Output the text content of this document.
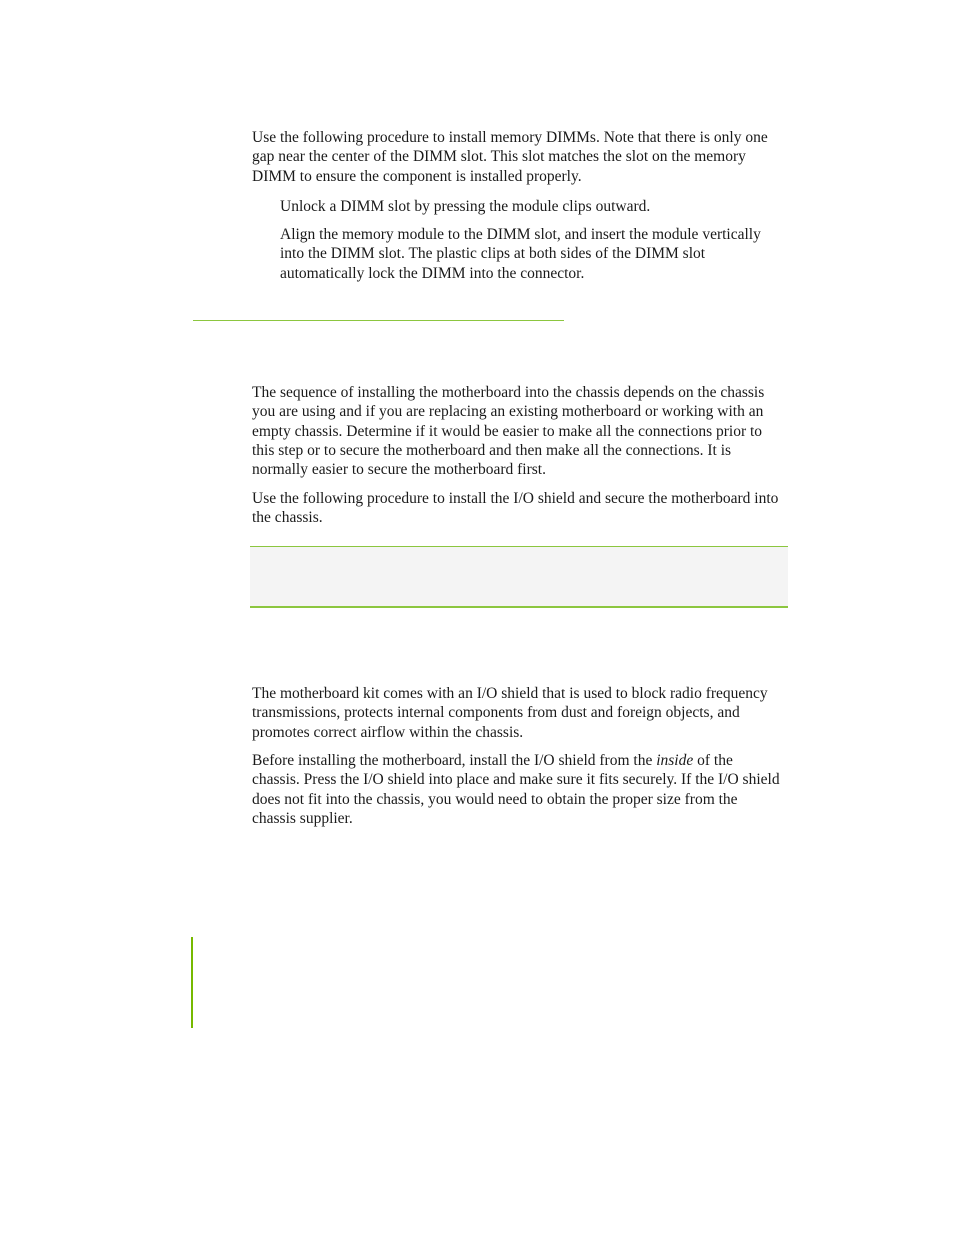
Use the following procedure to install memory DIMMs. Note that there is only one gap near the center of the DIMM slot. This slot matches the slot on the memory DIMM to ensure the component is installed properly.

Unlock a DIMM slot by pressing the module clips outward.

Align the memory module to the DIMM slot, and insert the module vertically into the DIMM slot. The plastic clips at both sides of the DIMM slot automatically lock the DIMM into the connector.

The sequence of installing the motherboard into the chassis depends on the chassis you are using and if you are replacing an existing motherboard or working with an empty chassis. Determine if it would be easier to make all the connections prior to this step or to secure the motherboard and then make all the connections. It is normally easier to secure the motherboard first.

Use the following procedure to install the I/O shield and secure the motherboard into the chassis.

The motherboard kit comes with an I/O shield that is used to block radio frequency transmissions, protects internal components from dust and foreign objects, and promotes correct airflow within the chassis.

Before installing the motherboard, install the I/O shield from the inside of the chassis. Press the I/O shield into place and make sure it fits securely. If the I/O shield does not fit into the chassis, you would need to obtain the proper size from the chassis supplier.
